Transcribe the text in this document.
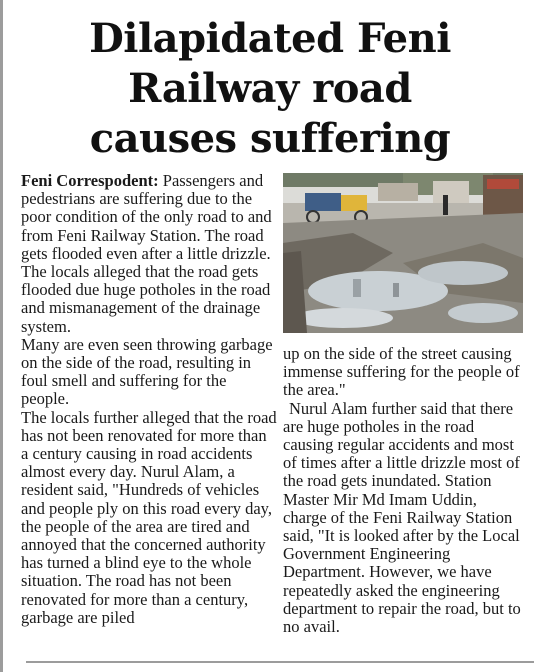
Dilapidated Feni
Railway road
causes suffering

Feni Correspodent: Passengers and pedestrians are suffering due to the poor condition of the only road to and from Feni Railway Station. The road gets flooded even after a little drizzle.

The locals alleged that the road gets flooded due huge potholes in the road and mismanagement of the drainage system.

Many are even seen throwing garbage on the side of the road, resulting in foul smell and suffering for the people.

The locals further alleged that the road has not been renovated for more than a century causing in road accidents almost every day. Nurul Alam, a resident said, "Hundreds of vehicles and people ply on this road every day, the people of the area are tired and annoyed that the concerned authority has turned a blind eye to the whole situation. The road has not been renovated for more than a century, garbage are piled

up on the side of the street causing immense suffering for the people of the area."

Nurul Alam further said that there are huge potholes in the road causing regular accidents and most of times after a little drizzle most of the road gets inundated. Station Master Mir Md Imam Uddin, charge of the Feni Railway Station said, "It is looked after by the Local Government Engineering Department. However, we have repeatedly asked the engineering department to repair the road, but to no avail.
